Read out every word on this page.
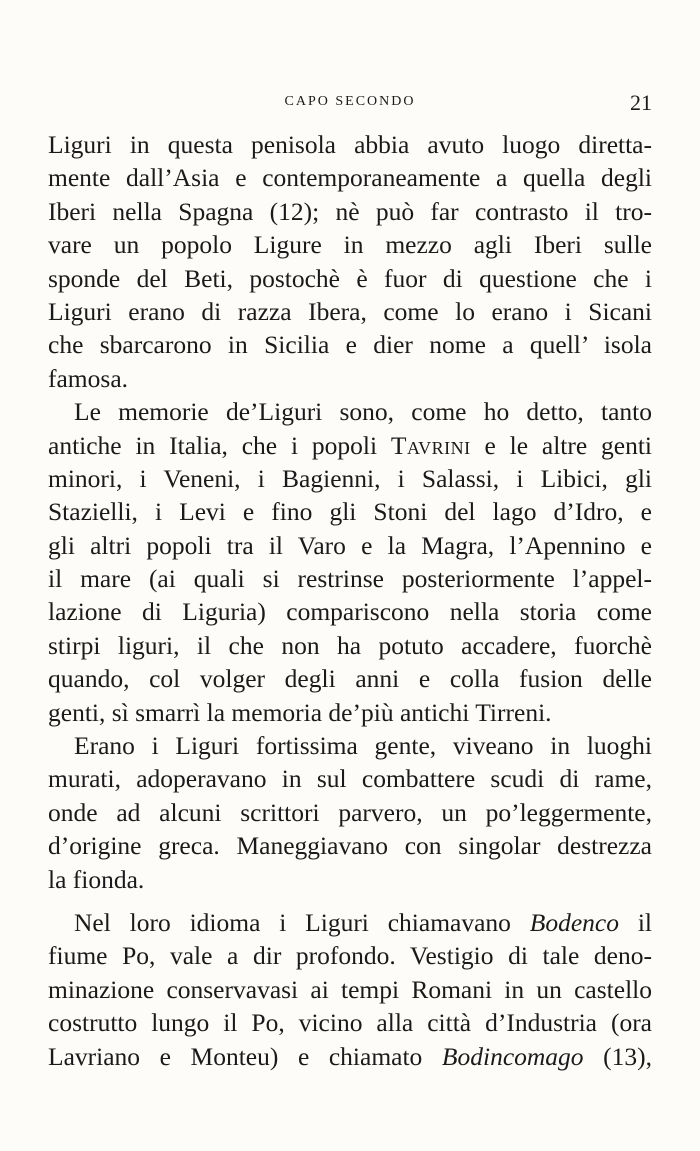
CAPO SECONDO	21
Liguri in questa penisola abbia avuto luogo diretta-
mente dall’Asia e contemporaneamente a quella degli
Iberi nella Spagna (12); nè può far contrasto il tro-
vare un popolo Ligure in mezzo agli Iberi sulle
sponde del Beti, postochè è fuor di questione che i
Liguri erano di razza Ibera, come lo erano i Sicani
che sbarcarono in Sicilia e dier nome a quell’ isola
famosa.
Le memorie de’Liguri sono, come ho detto, tanto
antiche in Italia, che i popoli Tavrini e le altre genti
minori, i Veneni, i Bagienni, i Salassi, i Libici, gli
Stazielli, i Levi e fino gli Stoni del lago d’Idro, e
gli altri popoli tra il Varo e la Magra, l’Apennino e
il mare (ai quali si restrinse posteriormente l’appel-
lazione di Liguria) compariscono nella storia come
stirpi liguri, il che non ha potuto accadere, fuorchè
quando, col volger degli anni e colla fusion delle
genti, sì smarrì la memoria de’più antichi Tirreni.
Erano i Liguri fortissima gente, viveano in luoghi
murati, adoperavano in sul combattere scudi di rame,
onde ad alcuni scrittori parvero, un po’leggermente,
d’origine greca. Maneggiavano con singolar destrezza
la fionda.
Nel loro idioma i Liguri chiamavano Bodenco il
fiume Po, vale a dir profondo. Vestigio di tale deno-
minazione conservavasi ai tempi Romani in un castello
costrutto lungo il Po, vicino alla città d’Industria (ora
Lavriano e Monteu) e chiamato Bodincomago (13),
